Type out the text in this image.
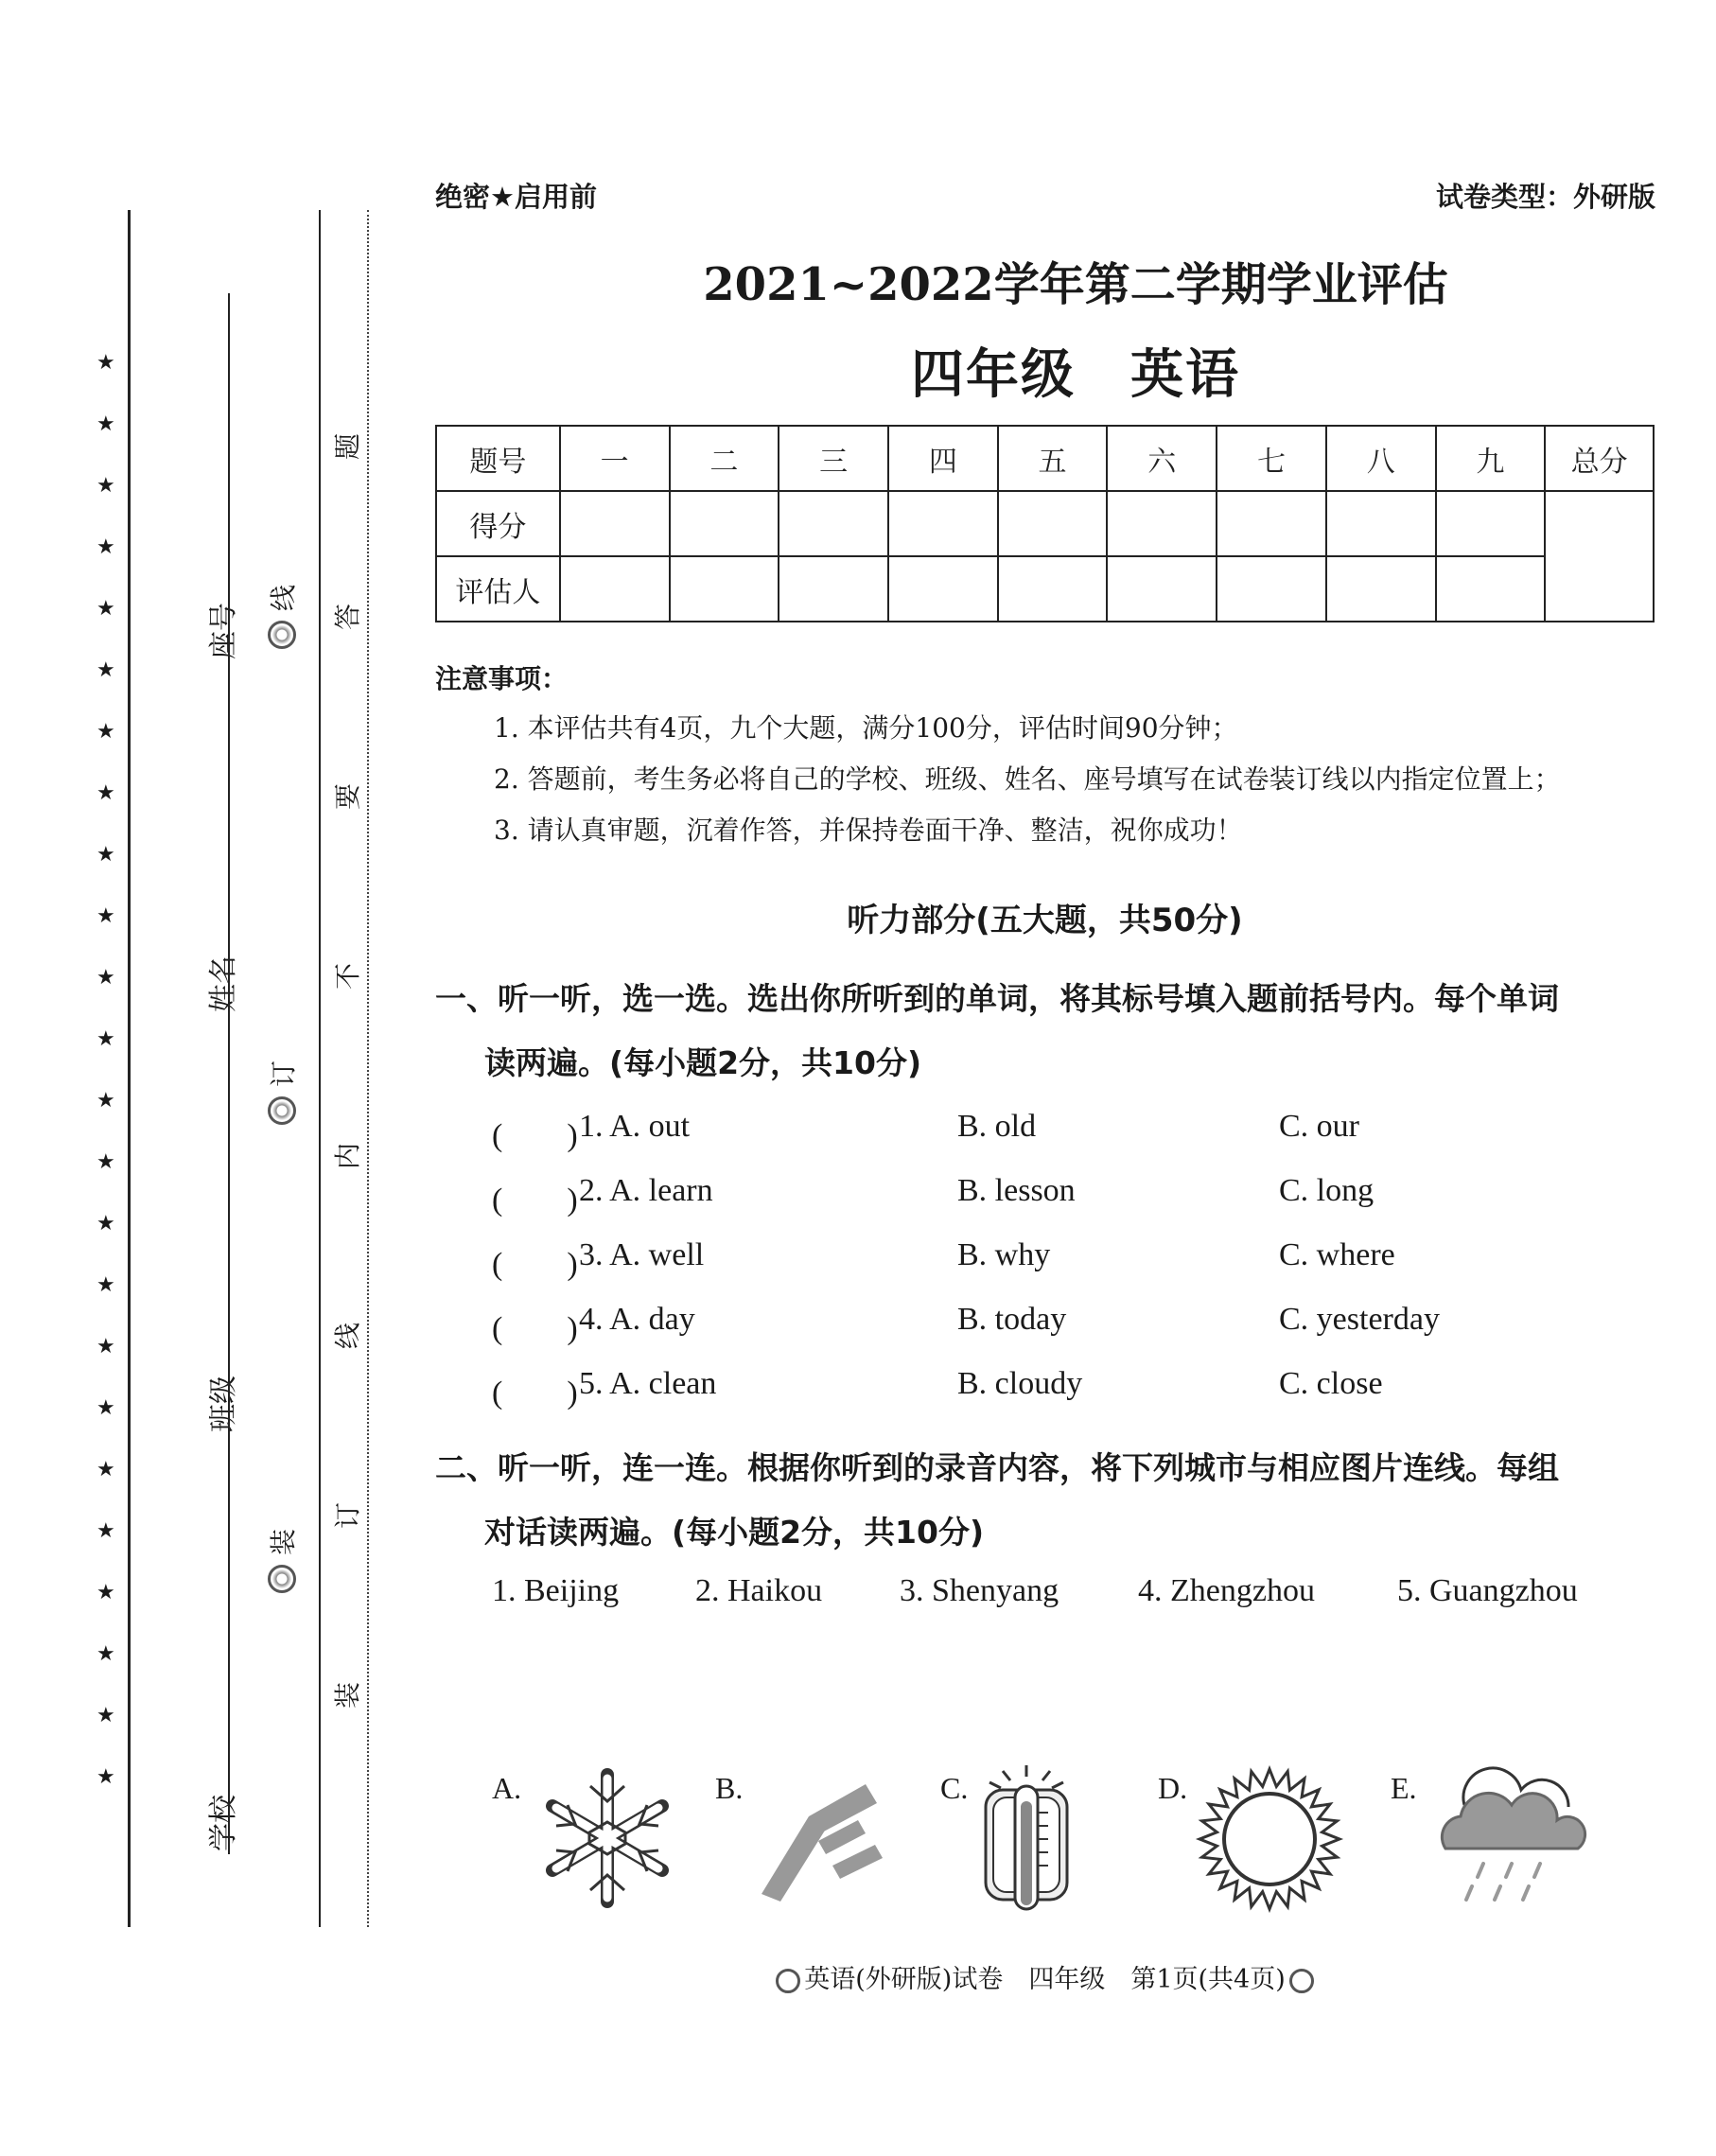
★
★
★
★
★
★
★
★
★
★
★
★
★
★
★
★
★
★
★
★
★
★
★
★
座号
姓名
班级
学校
线
订
装
题
答
要
不
内
线
订
装
绝密★启用前	试卷类型：外研版
2021~2022学年第二学期学业评估
四年级　英语
题号	一	二	三	四	五	六	七	八	九	总分
得分										
评估人										
注意事项：
1. 本评估共有4页，九个大题，满分100分，评估时间90分钟；
2. 答题前，考生务必将自己的学校、班级、姓名、座号填写在试卷装订线以内指定位置上；
3. 请认真审题，沉着作答，并保持卷面干净、整洁，祝你成功！
听力部分(五大题，共50分)
一、听一听，选一选。选出你所听到的单词，将其标号填入题前括号内。每个单词
读两遍。(每小题2分，共10分)
(　　) 1. A. out	B. old	C. our
(　　) 2. A. learn	B. lesson	C. long
(　　) 3. A. well	B. why	C. where
(　　) 4. A. day	B. today	C. yesterday
(　　) 5. A. clean	B. cloudy	C. close
二、听一听，连一连。根据你听到的录音内容，将下列城市与相应图片连线。每组
对话读两遍。(每小题2分，共10分)
1. Beijing 2. Haikou 3. Shenyang 4. Zhengzhou	5. Guangzhou
A.	B.	C.	D.	E.
英语(外研版)试卷　四年级　第1页(共4页)
